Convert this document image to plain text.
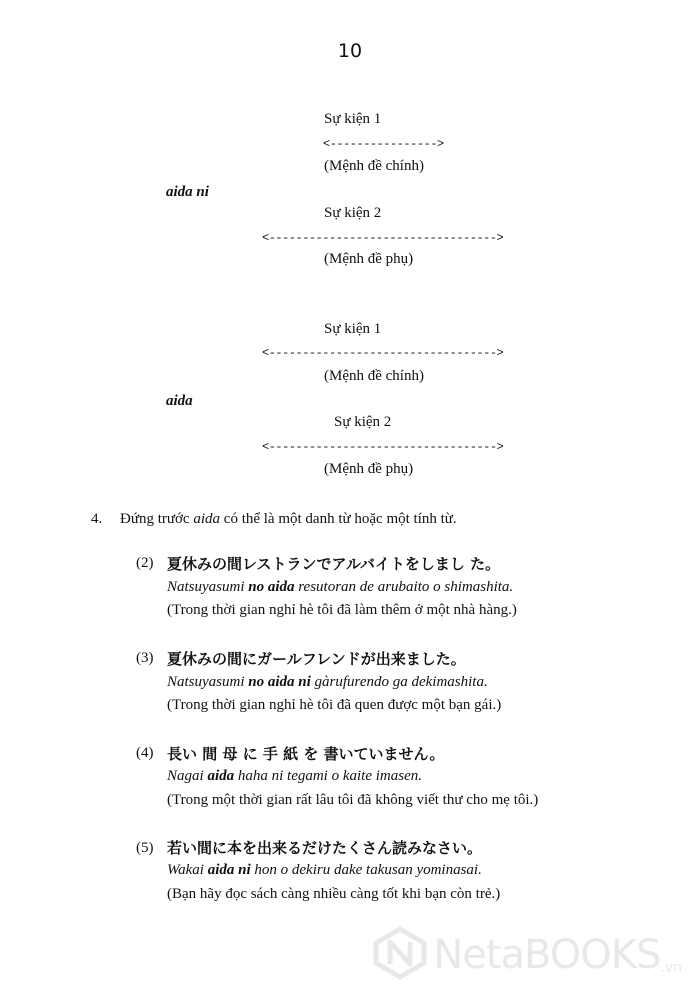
10
Sự kiện 1
<---------------->
(Mệnh đề chính)
aida ni
Sự kiện 2
<---------------------------------->
(Mệnh đề phụ)
Sự kiện 1
<---------------------------------->
(Mệnh đề chính)
aida
Sự kiện 2
<---------------------------------->
(Mệnh đề phụ)
4. Đứng trước aida có thể là một danh từ hoặc một tính từ.
(2) 夏休みの間レストランでアルバイトをしまし た。
Natsuyasumi no aida resutoran de arubaito o shimashita.
(Trong thời gian nghỉ hè tôi đã làm thêm ở một nhà hàng.)
(3) 夏休みの間にガールフレンドが出来ました。
Natsuyasumi no aida ni gàrufurendo ga dekimashita.
(Trong thời gian nghỉ hè tôi đã quen được một bạn gái.)
(4) 長い 間 母 に 手 紙 を 書いていません。
Nagai aida haha ni tegami o kaite imasen.
(Trong một thời gian rất lâu tôi đã không viết thư cho mẹ tôi.)
(5) 若い間に本を出来るだけたくさん読みなさい。
Wakai aida ni hon o dekiru dake takusan yominasai.
(Bạn hãy đọc sách càng nhiều càng tốt khi bạn còn trẻ.)
NetaBOOKS .vn
